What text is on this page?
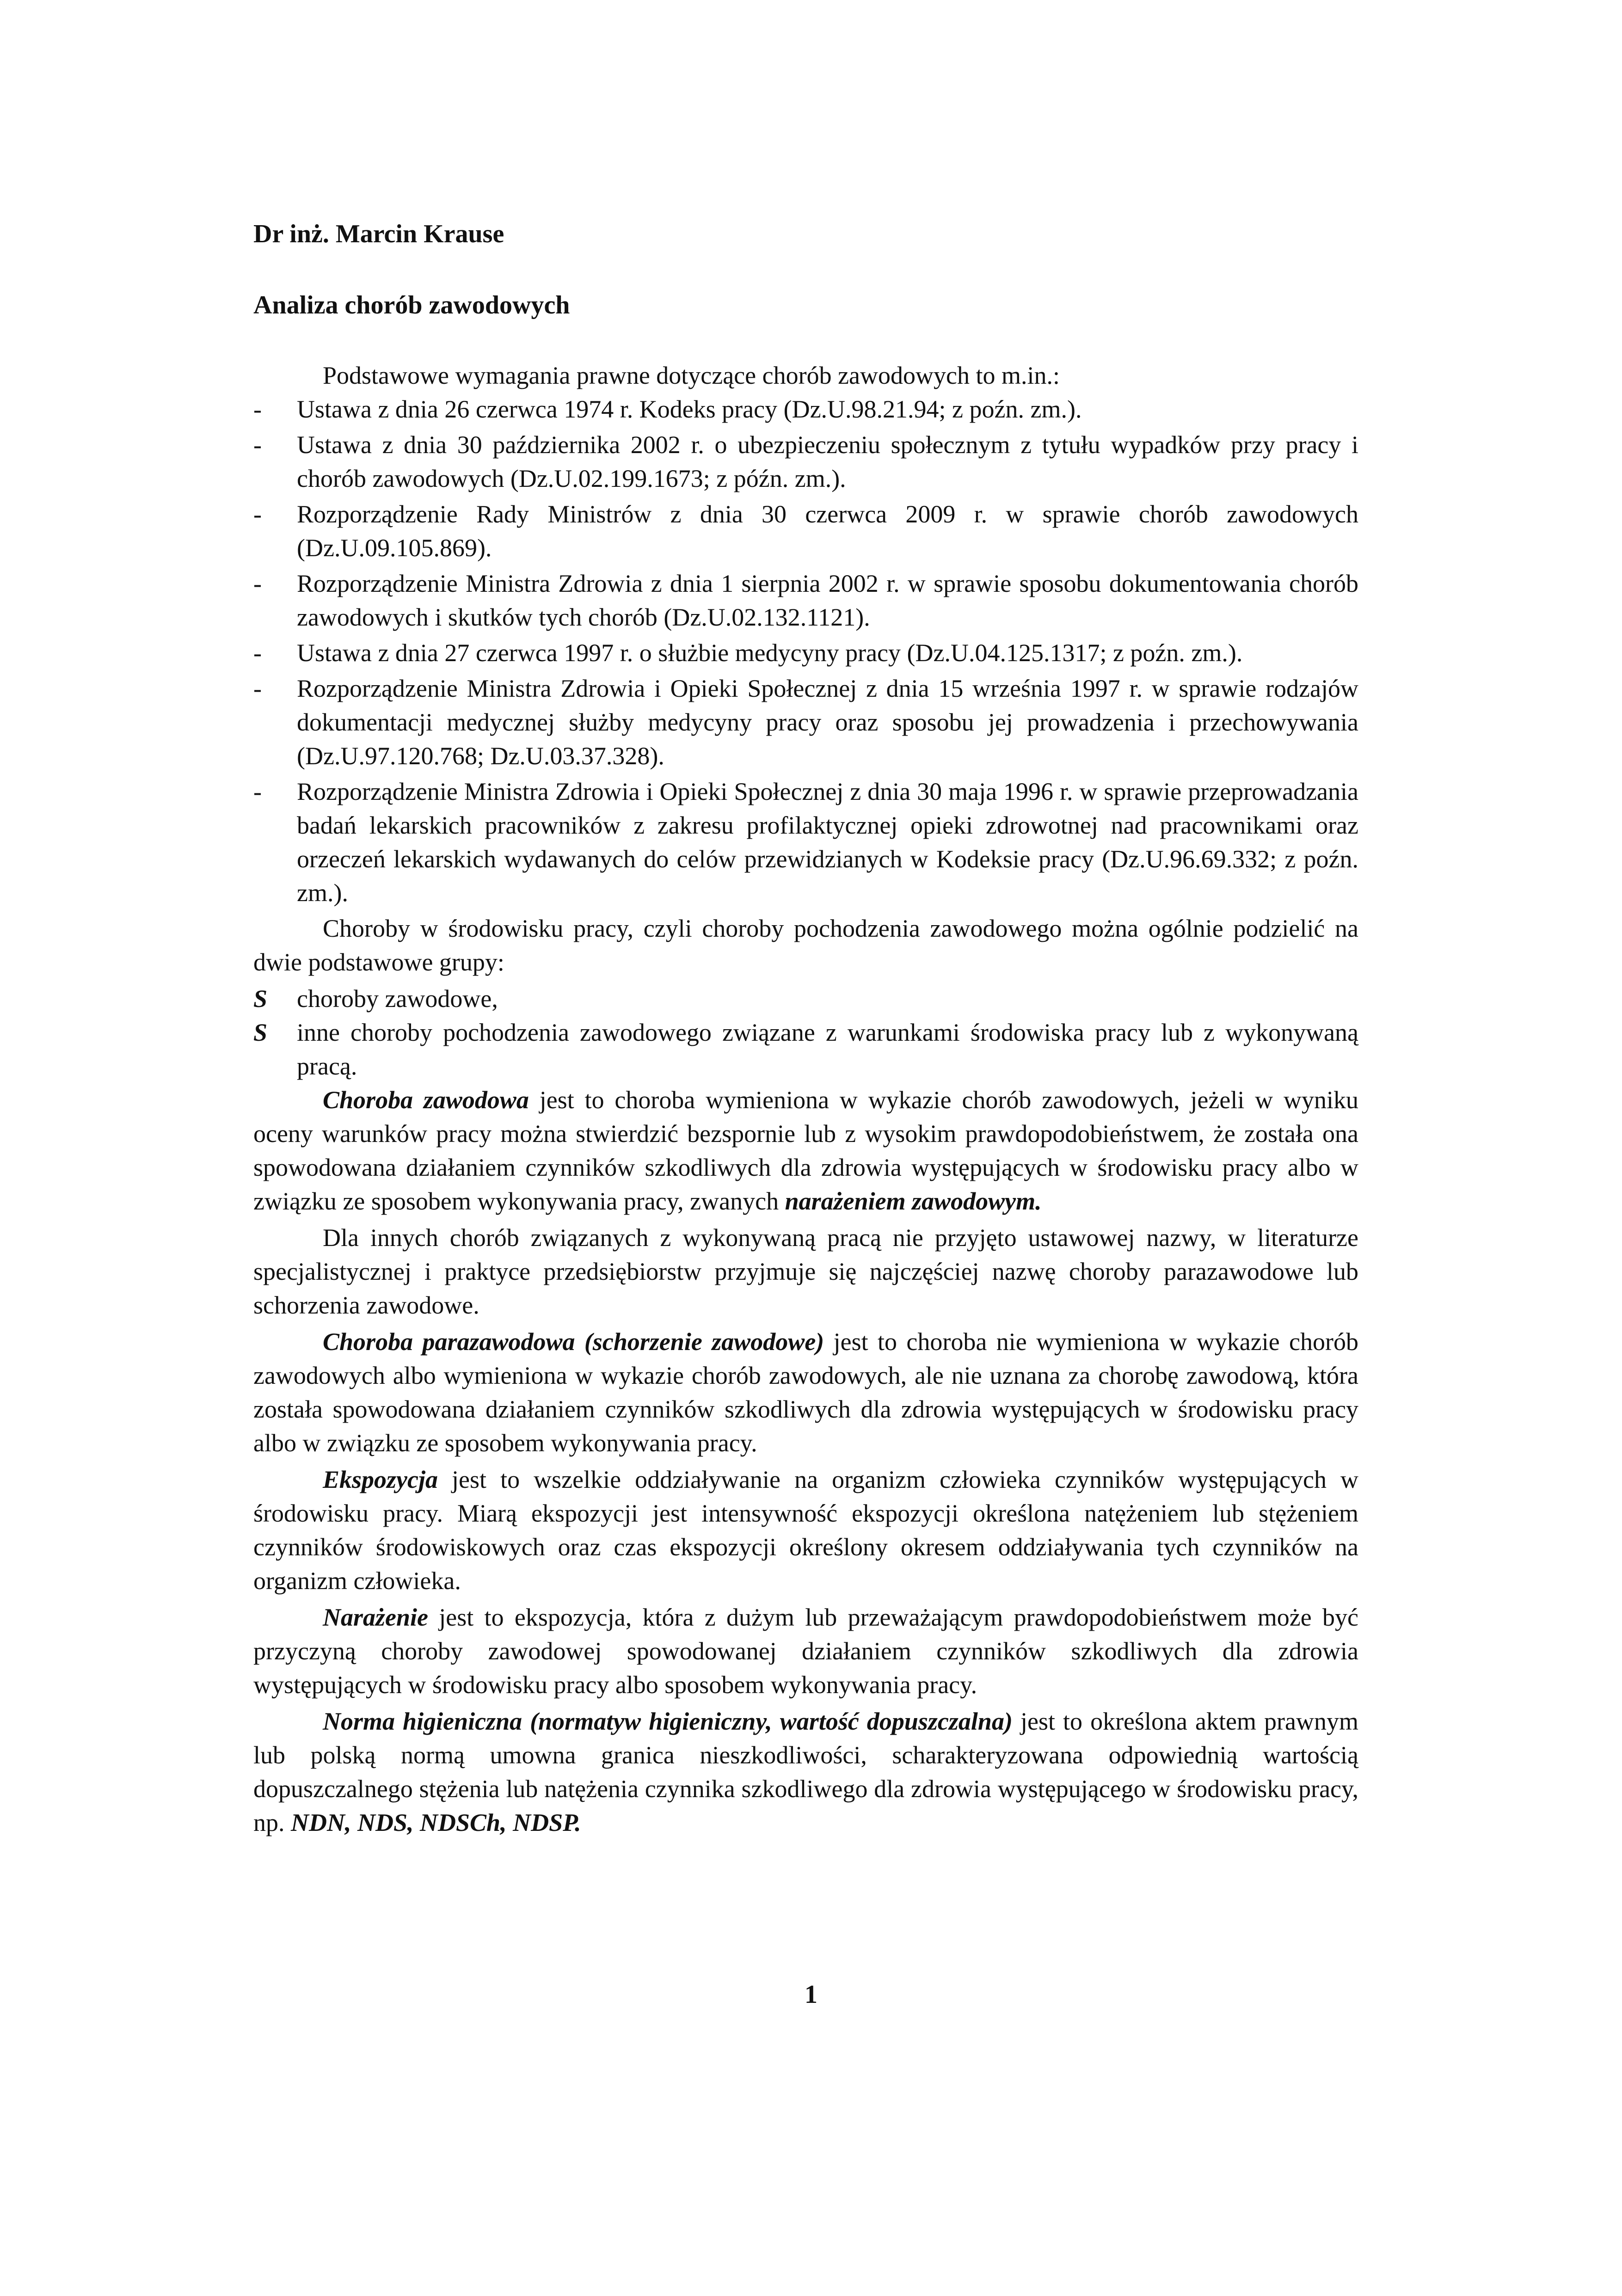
Dr inż. Marcin Krause

Analiza chorób zawodowych

Podstawowe wymagania prawne dotyczące chorób zawodowych to m.in.:

- Ustawa z dnia 26 czerwca 1974 r. Kodeks pracy (Dz.U.98.21.94; z poźn. zm.).
- Ustawa z dnia 30 października 2002 r. o ubezpieczeniu społecznym z tytułu wypadków przy pracy i chorób zawodowych (Dz.U.02.199.1673; z późn. zm.).
- Rozporządzenie Rady Ministrów z dnia 30 czerwca 2009 r. w sprawie chorób zawodowych (Dz.U.09.105.869).
- Rozporządzenie Ministra Zdrowia z dnia 1 sierpnia 2002 r. w sprawie sposobu dokumentowania chorób zawodowych i skutków tych chorób (Dz.U.02.132.1121).
- Ustawa z dnia 27 czerwca 1997 r. o służbie medycyny pracy (Dz.U.04.125.1317; z poźn. zm.).
- Rozporządzenie Ministra Zdrowia i Opieki Społecznej z dnia 15 września 1997 r. w sprawie rodzajów dokumentacji medycznej służby medycyny pracy oraz sposobu jej prowadzenia i przechowywania (Dz.U.97.120.768; Dz.U.03.37.328).
- Rozporządzenie Ministra Zdrowia i Opieki Społecznej z dnia 30 maja 1996 r. w sprawie przeprowadzania badań lekarskich pracowników z zakresu profilaktycznej opieki zdrowotnej nad pracownikami oraz orzeczeń lekarskich wydawanych do celów przewidzianych w Kodeksie pracy (Dz.U.96.69.332; z poźn. zm.).

Choroby w środowisku pracy, czyli choroby pochodzenia zawodowego można ogólnie podzielić na dwie podstawowe grupy:

S choroby zawodowe,
S inne choroby pochodzenia zawodowego związane z warunkami środowiska pracy lub z wykonywaną pracą.

Choroba zawodowa jest to choroba wymieniona w wykazie chorób zawodowych, jeżeli w wyniku oceny warunków pracy można stwierdzić bezspornie lub z wysokim prawdopodobieństwem, że została ona spowodowana działaniem czynników szkodliwych dla zdrowia występujących w środowisku pracy albo w związku ze sposobem wykonywania pracy, zwanych narażeniem zawodowym.

Dla innych chorób związanych z wykonywaną pracą nie przyjęto ustawowej nazwy, w literaturze specjalistycznej i praktyce przedsiębiorstw przyjmuje się najczęściej nazwę choroby parazawodowe lub schorzenia zawodowe.

Choroba parazawodowa (schorzenie zawodowe) jest to choroba nie wymieniona w wykazie chorób zawodowych albo wymieniona w wykazie chorób zawodowych, ale nie uznana za chorobę zawodową, która została spowodowana działaniem czynników szkodliwych dla zdrowia występujących w środowisku pracy albo w związku ze sposobem wykonywania pracy.

Ekspozycja jest to wszelkie oddziaływanie na organizm człowieka czynników występujących w środowisku pracy. Miarą ekspozycji jest intensywność ekspozycji określona natężeniem lub stężeniem czynników środowiskowych oraz czas ekspozycji określony okresem oddziaływania tych czynników na organizm człowieka.

Narażenie jest to ekspozycja, która z dużym lub przeważającym prawdopodobieństwem może być przyczyną choroby zawodowej spowodowanej działaniem czynników szkodliwych dla zdrowia występujących w środowisku pracy albo sposobem wykonywania pracy.

Norma higieniczna (normatyw higieniczny, wartość dopuszczalna) jest to określona aktem prawnym lub polską normą umowna granica nieszkodliwości, scharakteryzowana odpowiednią wartością dopuszczalnego stężenia lub natężenia czynnika szkodliwego dla zdrowia występującego w środowisku pracy, np. NDN, NDS, NDSCh, NDSP.

1
